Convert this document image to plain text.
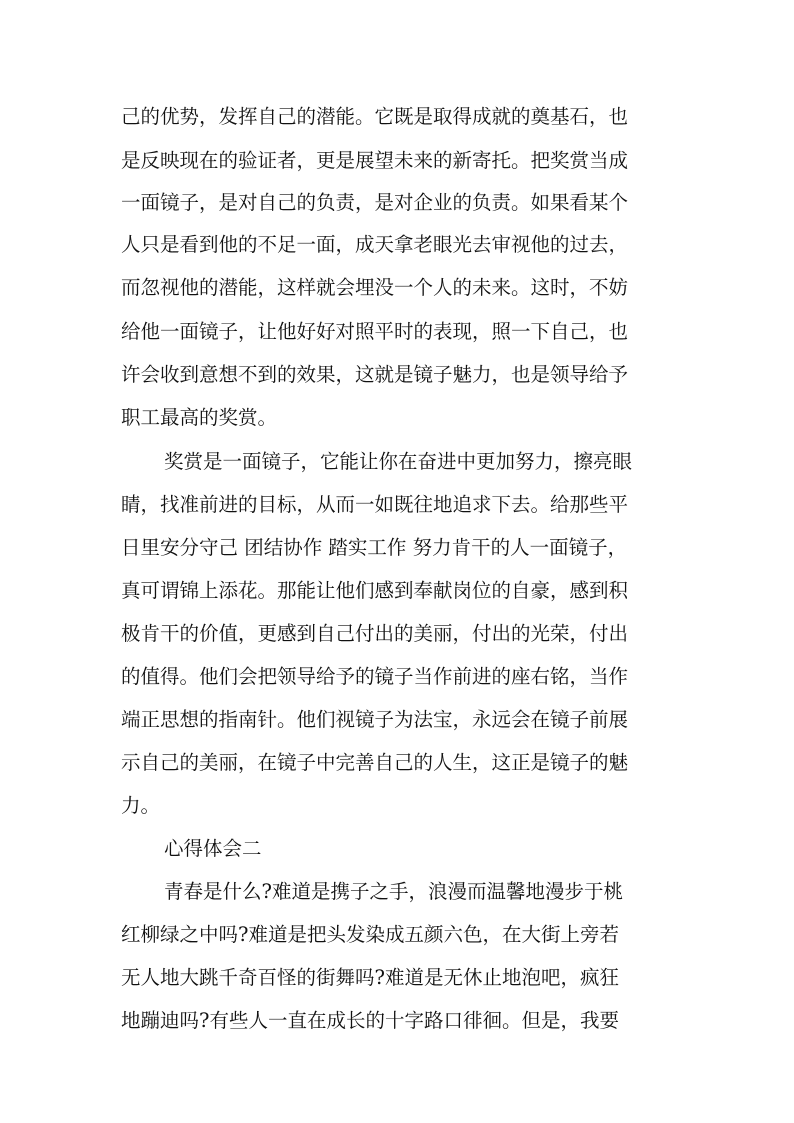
己的优势，发挥自己的潜能。它既是取得成就的奠基石，也
是反映现在的验证者，更是展望未来的新寄托。把奖赏当成
一面镜子，是对自己的负责，是对企业的负责。如果看某个
人只是看到他的不足一面，成天拿老眼光去审视他的过去，
而忽视他的潜能，这样就会埋没一个人的未来。这时，不妨
给他一面镜子，让他好好对照平时的表现，照一下自己，也
许会收到意想不到的效果，这就是镜子魅力，也是领导给予
职工最高的奖赏。
奖赏是一面镜子，它能让你在奋进中更加努力，擦亮眼
睛，找准前进的目标，从而一如既往地追求下去。给那些平
日里安分守己 团结协作 踏实工作 努力肯干的人一面镜子，
真可谓锦上添花。那能让他们感到奉献岗位的自豪，感到积
极肯干的价值，更感到自己付出的美丽，付出的光荣，付出
的值得。他们会把领导给予的镜子当作前进的座右铭，当作
端正思想的指南针。他们视镜子为法宝，永远会在镜子前展
示自己的美丽，在镜子中完善自己的人生，这正是镜子的魅
力。
心得体会二
青春是什么?难道是携子之手，浪漫而温馨地漫步于桃
红柳绿之中吗?难道是把头发染成五颜六色，在大街上旁若
无人地大跳千奇百怪的街舞吗?难道是无休止地泡吧，疯狂
地蹦迪吗?有些人一直在成长的十字路口徘徊。但是，我要
